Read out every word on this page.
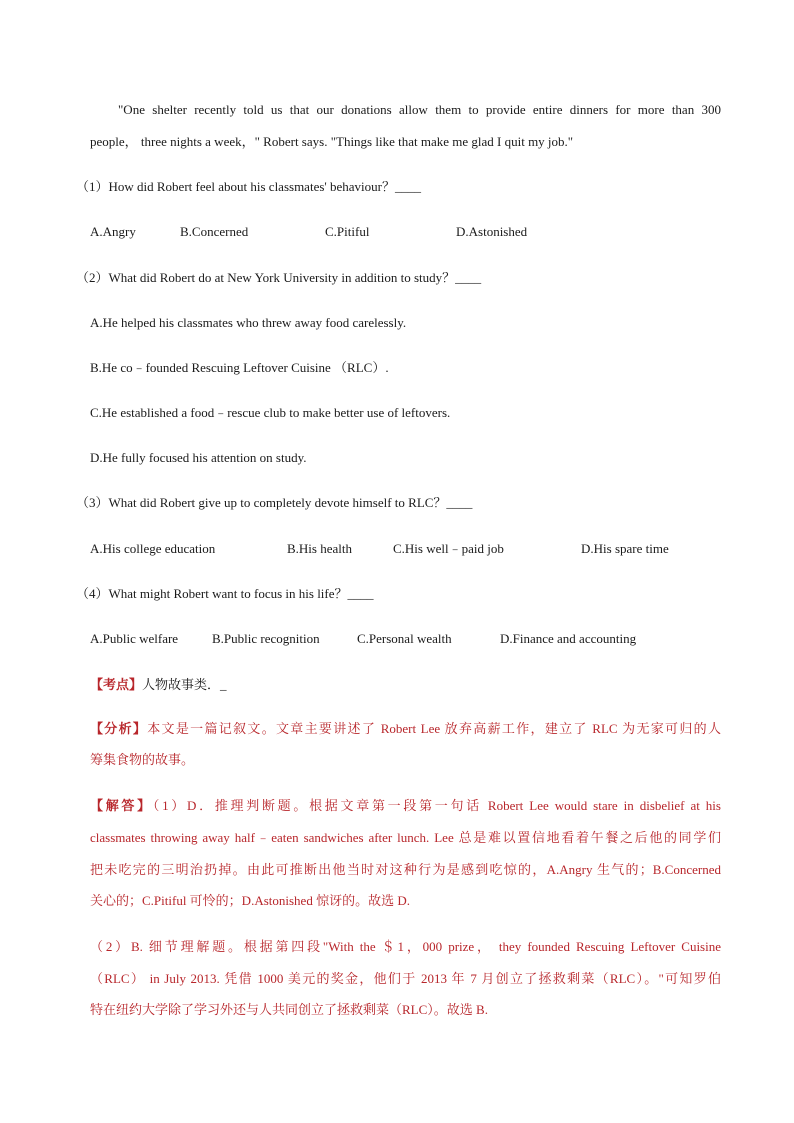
"One shelter recently told us that our donations allow them to provide entire dinners for more than 300
people， three nights a week，" Robert says. "Things like that make me glad I quit my job."
（1）How did Robert feel about his classmates' behaviour？____
A.Angry	B.Concerned	C.Pitiful	D.Astonished
（2）What did Robert do at New York University in addition to study？____
A.He helped his classmates who threw away food carelessly.
B.He co﹣founded Rescuing Leftover Cuisine （RLC）.
C.He established a food﹣rescue club to make better use of leftovers.
D.He fully focused his attention on study.
（3）What did Robert give up to completely devote himself to RLC？____
A.His college education	B.His health	C.His well﹣paid job	D.His spare time
（4）What might Robert want to focus in his life？____
A.Public welfare	B.Public recognition	C.Personal wealth	D.Finance and accounting
【考点】人物故事类．_
【分析】本文是一篇记叙文。文章主要讲述了 Robert Lee 放弃高薪工作，建立了 RLC 为无家可归的人
筹集食物的故事。
【解答】（1）D．推理判断题。根据文章第一段第一句话 Robert Lee would stare in disbelief at his
classmates throwing away half﹣eaten sandwiches after lunch. Lee 总是难以置信地看着午餐之后他的同学们
把未吃完的三明治扔掉。由此可推断出他当时对这种行为是感到吃惊的，A.Angry 生气的；B.Concerned
关心的；C.Pitiful 可怜的；D.Astonished 惊讶的。故选 D.
（2）B. 细节理解题。根据第四段"With the ＄1，000 prize， they founded Rescuing Leftover Cuisine
（RLC） in July 2013. 凭借 1000 美元的奖金，他们于 2013 年 7 月创立了拯救剩菜（RLC）。"可知罗伯
特在纽约大学除了学习外还与人共同创立了拯救剩菜（RLC）。故选 B.
